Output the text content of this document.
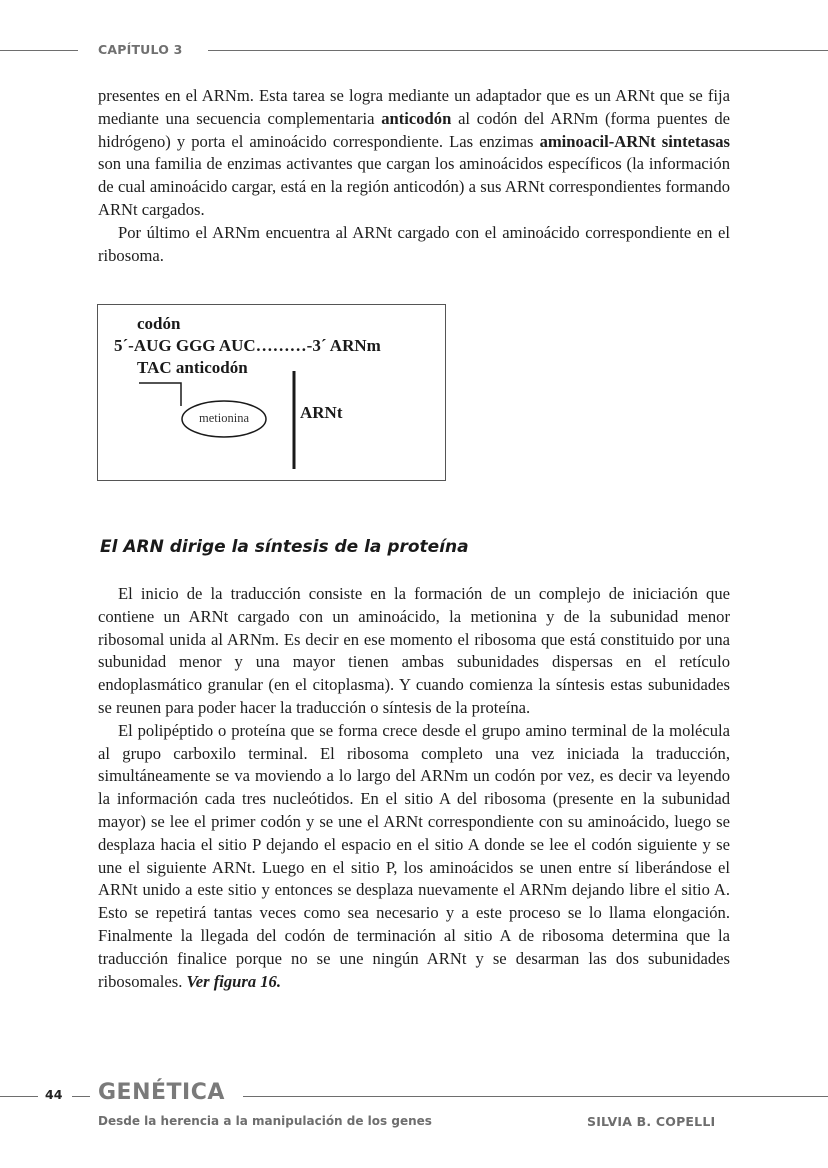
CAPÍTULO 3

presentes en el ARNm. Esta tarea se logra mediante un adaptador que es un ARNt que se fija mediante una secuencia complementaria anticodón al codón del ARNm (forma puentes de hidrógeno) y porta el aminoácido correspondiente. Las enzimas aminoacil-ARNt sintetasas son una familia de enzimas activantes que cargan los aminoácidos específicos (la información de cual aminoácido cargar, está en la región anticodón) a sus ARNt correspondientes formando ARNt cargados.

Por último el ARNm encuentra al ARNt cargado con el aminoácido correspondiente en el ribosoma.

codón
5´-AUG GGG AUC………-3´ ARNm
TAC anticodón
metionina	ARNt
El ARN dirige la síntesis de la proteína

El inicio de la traducción consiste en la formación de un complejo de iniciación que contiene un ARNt cargado con un aminoácido, la metionina y de la subunidad menor ribosomal unida al ARNm. Es decir en ese momento el ribosoma que está constituido por una subunidad menor y una mayor tienen ambas subunidades dispersas en el retículo endoplasmático granular (en el citoplasma). Y cuando comienza la síntesis estas subunidades se reunen para poder hacer la traducción o síntesis de la proteína.

El polipéptido o proteína que se forma crece desde el grupo amino terminal de la molécula al grupo carboxilo terminal. El ribosoma completo una vez iniciada la traducción, simultáneamente se va moviendo a lo largo del ARNm un codón por vez, es decir va leyendo la información cada tres nucleótidos. En el sitio A del ribosoma (presente en la subunidad mayor) se lee el primer codón y se une el ARNt correspondiente con su aminoácido, luego se desplaza hacia el sitio P dejando el espacio en el sitio A donde se lee el codón siguiente y se une el siguiente ARNt. Luego en el sitio P, los aminoácidos se unen entre sí liberándose el ARNt unido a este sitio y entonces se desplaza nuevamente el ARNm dejando libre el sitio A. Esto se repetirá tantas veces como sea necesario y a este proceso se lo llama elongación. Finalmente la llegada del codón de terminación al sitio A de ribosoma determina que la traducción finalice porque no se une ningún ARNt y se desarman las dos subunidades ribosomales. Ver figura 16.

44 GENÉTICA
Desde la herencia a la manipulación de los genes	SILVIA B. COPELLI
